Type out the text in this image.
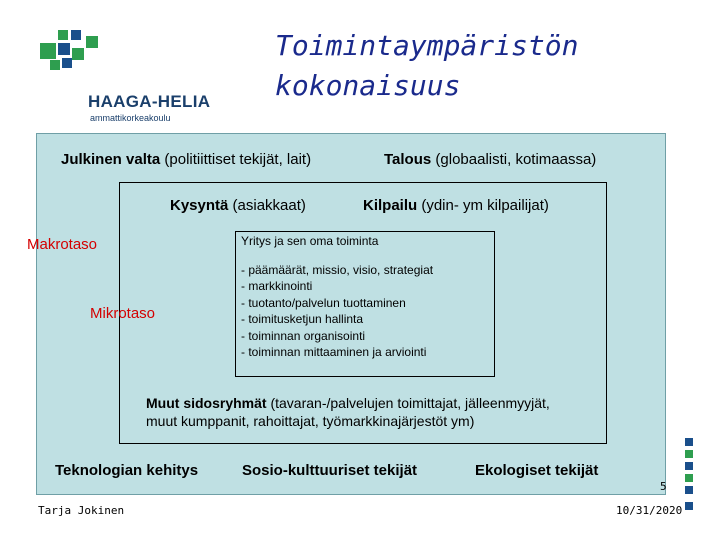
HAAGA-HELIA
ammattikorkeakoulu
Toimintaympäristön
kokonaisuus
Julkinen valta (politiittiset tekijät, lait)	Talous (globaalisti, kotimaassa)
Kysyntä (asiakkaat)	Kilpailu (ydin- ym kilpailijat)
Makrotaso
Mikrotaso
Yritys ja sen oma toiminta
- päämäärät, missio, visio, strategiat
- markkinointi
- tuotanto/palvelun tuottaminen
- toimitusketjun hallinta
- toiminnan organisointi
- toiminnan mittaaminen ja arviointi
Muut sidosryhmät (tavaran-/palvelujen toimittajat, jälleenmyyjät,
muut kumppanit, rahoittajat, työmarkkinajärjestöt ym)
Teknologian kehitys	Sosio-kulttuuriset tekijät	Ekologiset tekijät
5
Tarja Jokinen	10/31/2020
